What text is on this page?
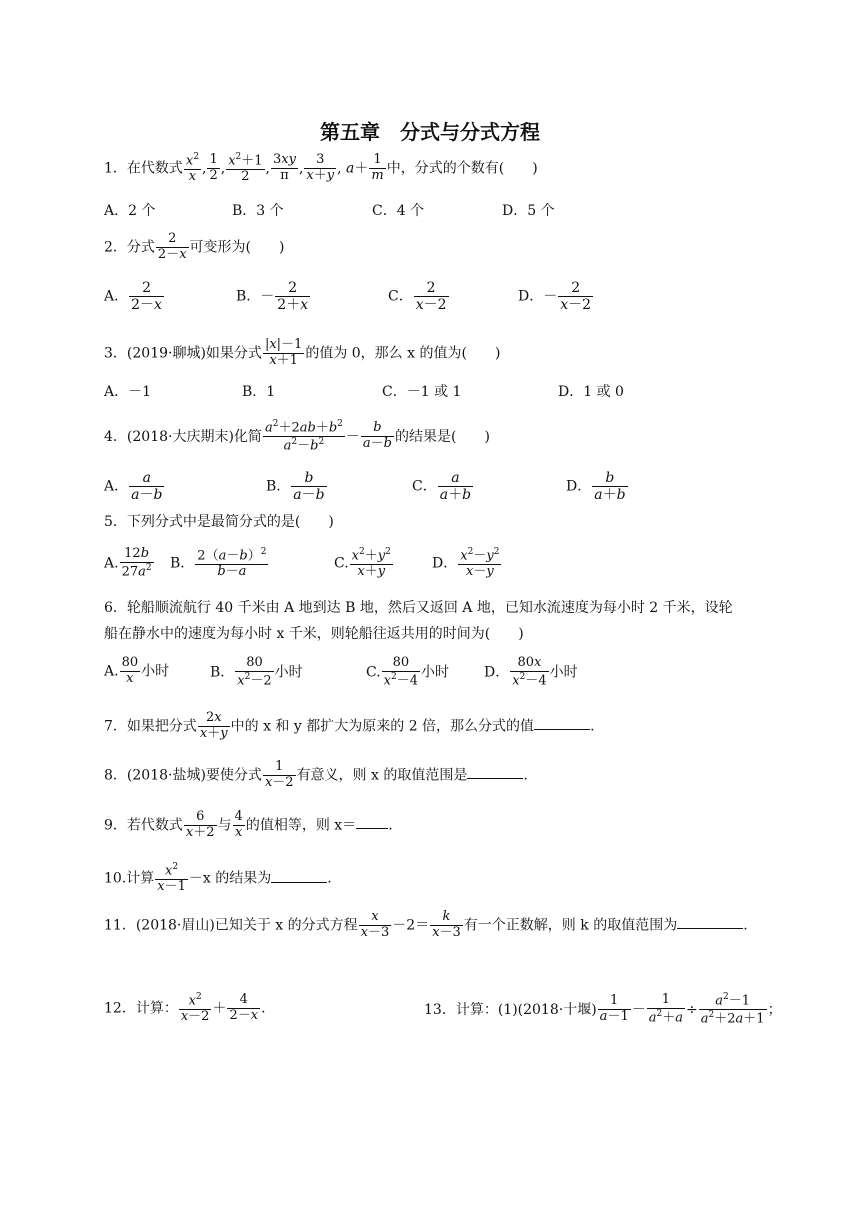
第五章　分式与分式方程
1．在代数式 $\frac{x^2}{x}$ , $\frac{1}{2}$ , $\frac{x^2+1}{2}$ , $\frac{3xy}{\pi}$ , $\frac{3}{x+y}$ , $a+ \frac{1}{m}$ 中，分式的个数有(　　)
A．2 个	B．3 个	C．4 个	D．5 个
2．分式 $\frac{2}{2-x}$ 可变形为(　　)
A． $\frac{2}{2-x}$	B．－ $\frac{2}{2+x}$	C． $\frac{2}{x-2}$	D．－ $\frac{2}{x-2}$
3．(2019·聊城)如果分式 $\frac{|x|-1}{x+1}$ 的值为 0，那么 x 的值为(　　)
A．－1	B．1	C．－1 或 1	D．1 或 0
4．(2018·大庆期末)化简 $\frac{a^2+2ab+b^2}{a^2-b^2} - \frac{b}{a-b}$ 的结果是(　　)
A． $\frac{a}{a-b}$	B． $\frac{b}{a-b}$	C． $\frac{a}{a+b}$	D． $\frac{b}{a+b}$
5．下列分式中是最简分式的是(　　)
A. $\frac{12b}{27a^2}$ B． $\frac{2(a-b)^2}{b-a}$	C. $\frac{x^2+y^2}{x+y}$	D． $\frac{x^2-y^2}{x-y}$
6．轮船顺流航行 40 千米由 A 地到达 B 地，然后又返回 A 地，已知水流速度为每小时 2 千米，设轮
船在静水中的速度为每小时 x 千米，则轮船往返共用的时间为(　　)
A. $\frac{80}{x}$ 小时	B． $\frac{80}{x^2-2}$ 小时	C. $\frac{80}{x^2-4}$ 小时 D． $\frac{80x}{x^2-4}$ 小时
7．如果把分式 $\frac{2x}{x+y}$ 中的 x 和 y 都扩大为原来的 2 倍，那么分式的值	.
8．(2018·盐城)要使分式 $\frac{1}{x-2}$ 有意义，则 x 的取值范围是	.
9．若代数式 $\frac{6}{x+2}$ 与 $\frac{4}{x}$ 的值相等，则 x＝ .
10.计算 $\frac{x^2}{x-1} -x$ 的结果为	.
11．(2018·眉山)已知关于 x 的分式方程 $\frac{x}{x-3} -2= \frac{k}{x-3}$ 有一个正数解，则 k 的取值范围为	.
12．计算： $\frac{x^2}{x-2} + \frac{4}{2-x}$ .	13．计算：(1)(2018·十堰) $\frac{1}{a-1} - \frac{1}{a^2+a} \div \frac{a^2-1}{a^2+2a+1}$ ；
